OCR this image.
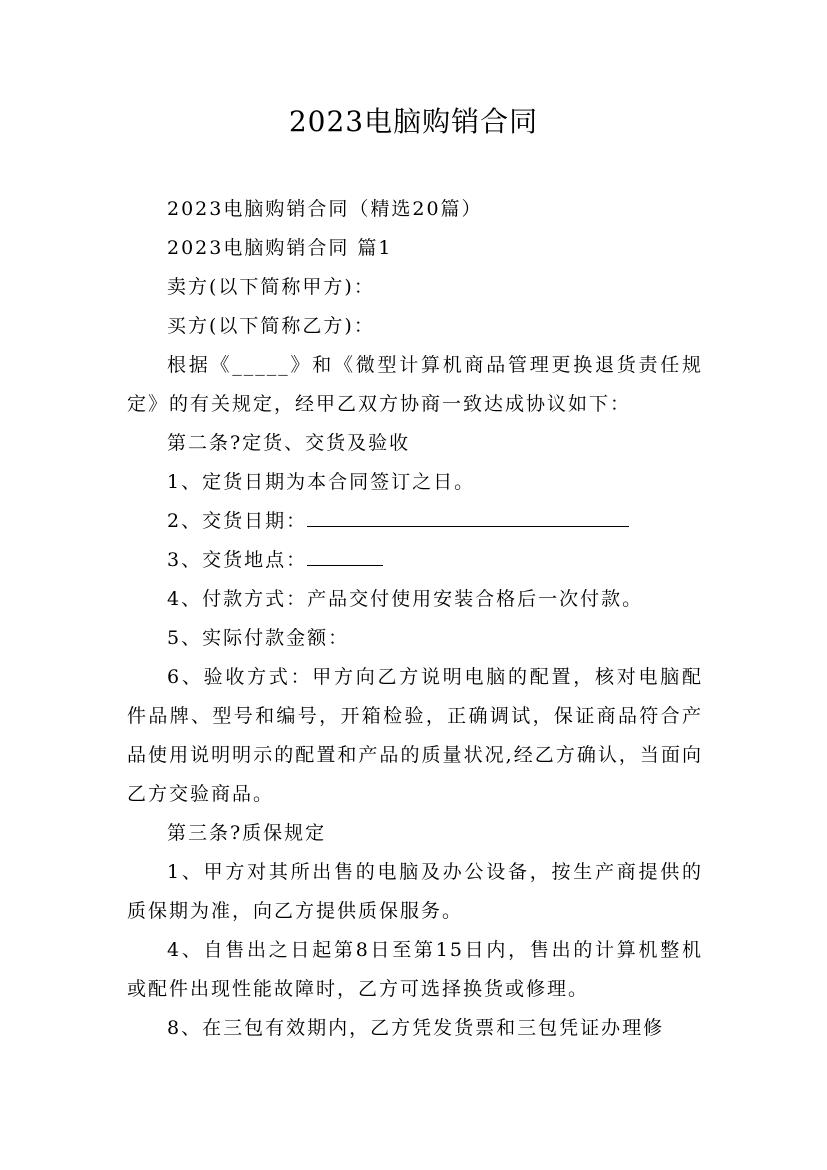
2023电脑购销合同

2023电脑购销合同（精选20篇）

2023电脑购销合同 篇1

卖方(以下简称甲方)：

买方(以下简称乙方)：

根据《_____》和《微型计算机商品管理更换退货责任规定》的有关规定，经甲乙双方协商一致达成协议如下：

第二条?定货、交货及验收

1、定货日期为本合同签订之日。

2、交货日期：

3、交货地点：

4、付款方式：产品交付使用安装合格后一次付款。

5、实际付款金额：

6、验收方式：甲方向乙方说明电脑的配置，核对电脑配件品牌、型号和编号，开箱检验，正确调试，保证商品符合产品使用说明明示的配置和产品的质量状况,经乙方确认，当面向乙方交验商品。

第三条?质保规定

1、甲方对其所出售的电脑及办公设备，按生产商提供的质保期为准，向乙方提供质保服务。

4、自售出之日起第8日至第15日内，售出的计算机整机或配件出现性能故障时，乙方可选择换货或修理。

8、在三包有效期内，乙方凭发货票和三包凭证办理修
